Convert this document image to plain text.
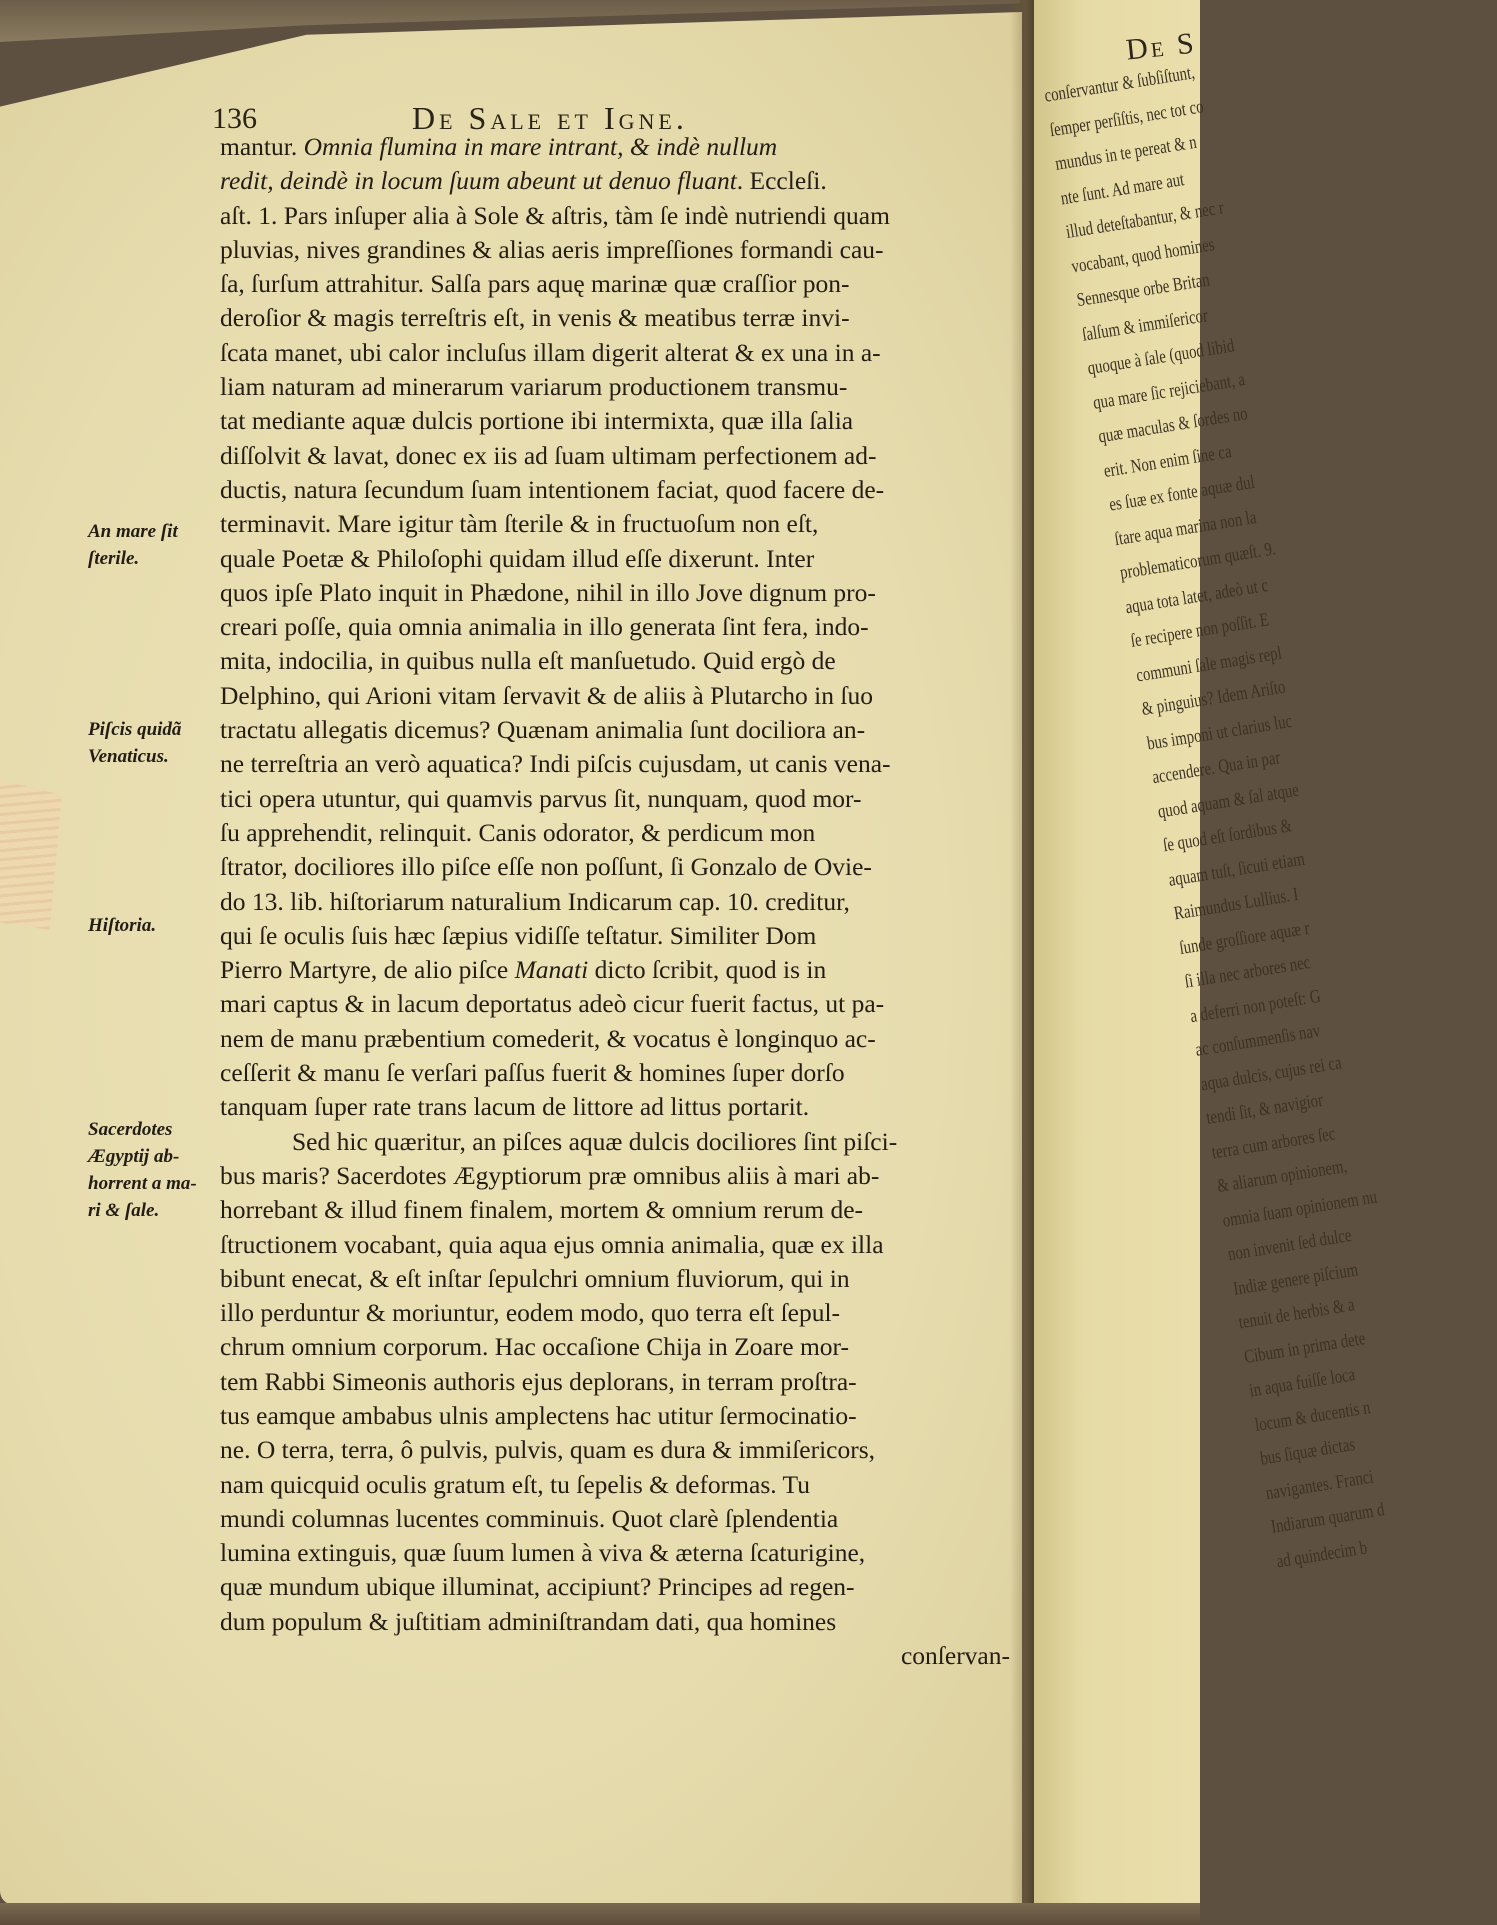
136	De Sale et Igne.
An mare ſit
ſterile.
Piſcis quidã
Venaticus.
Hiſtoria.
Sacerdotes
Ægyptij ab-
horrent a ma-
ri & ſale.
mantur. Omnia flumina in mare intrant, & indè nullum
redit, deindè in locum ſuum abeunt ut denuo fluant. Eccleſi.
aſt. 1. Pars inſuper alia à Sole & aſtris, tàm ſe indè nutriendi quam
pluvias, nives grandines & alias aeris impreſſiones formandi cau-
ſa, ſurſum attrahitur. Salſa pars aquę marinæ quæ craſſior pon-
deroſior & magis terreſtris eſt, in venis & meatibus terræ invi-
ſcata manet, ubi calor incluſus illam digerit alterat & ex una in a-
liam naturam ad minerarum variarum productionem transmu-
tat mediante aquæ dulcis portione ibi intermixta, quæ illa ſalia
diſſolvit & lavat, donec ex iis ad ſuam ultimam perfectionem ad-
ductis, natura ſecundum ſuam intentionem faciat, quod facere de-
terminavit. Mare igitur tàm ſterile & in fructuoſum non eſt,
quale Poetæ & Philoſophi quidam illud eſſe dixerunt. Inter
quos ipſe Plato inquit in Phædone, nihil in illo Jove dignum pro-
creari poſſe, quia omnia animalia in illo generata ſint fera, indo-
mita, indocilia, in quibus nulla eſt manſuetudo. Quid ergò de
Delphino, qui Arioni vitam ſervavit & de aliis à Plutarcho in ſuo
tractatu allegatis dicemus? Quænam animalia ſunt dociliora an-
ne terreſtria an verò aquatica? Indi piſcis cujusdam, ut canis vena-
tici opera utuntur, qui quamvis parvus ſit, nunquam, quod mor-
ſu apprehendit, relinquit. Canis odorator, & perdicum mon
ſtrator, dociliores illo piſce eſſe non poſſunt, ſi Gonzalo de Ovie-
do 13. lib. hiſtoriarum naturalium Indicarum cap. 10. creditur,
qui ſe oculis ſuis hæc ſæpius vidiſſe teſtatur. Similiter Dom
Pierro Martyre, de alio piſce Manati dicto ſcribit, quod is in
mari captus & in lacum deportatus adeò cicur fuerit factus, ut pa-
nem de manu præbentium comederit, & vocatus è longinquo ac-
ceſſerit & manu ſe verſari paſſus fuerit & homines ſuper dorſo
tanquam ſuper rate trans lacum de littore ad littus portarit.
Sed hic quæritur, an piſces aquæ dulcis dociliores ſint piſci-
bus maris? Sacerdotes Ægyptiorum præ omnibus aliis à mari ab-
horrebant & illud finem finalem, mortem & omnium rerum de-
ſtructionem vocabant, quia aqua ejus omnia animalia, quæ ex illa
bibunt enecat, & eſt inſtar ſepulchri omnium fluviorum, qui in
illo perduntur & moriuntur, eodem modo, quo terra eſt ſepul-
chrum omnium corporum. Hac occaſione Chija in Zoare mor-
tem Rabbi Simeonis authoris ejus deplorans, in terram proſtra-
tus eamque ambabus ulnis amplectens hac utitur ſermocinatio-
ne. O terra, terra, ô pulvis, pulvis, quam es dura & immiſericors,
nam quicquid oculis gratum eſt, tu ſepelis & deformas. Tu
mundi columnas lucentes comminuis. Quot clarè ſplendentia
lumina extinguis, quæ ſuum lumen à viva & æterna ſcaturigine,
quæ mundum ubique illuminat, accipiunt? Principes ad regen-
dum populum & juſtitiam adminiſtrandam dati, qua homines
conſervan-
De S
conſervantur & ſubſiſtunt,
ſemper perſiſtis, nec tot co
mundus in te pereat & n
nte ſunt. Ad mare aut
illud deteſtabantur, & nec r
vocabant, quod homines
Sennesque orbe Britan
ſalſum & immiſericor
quoque à ſale (quod libid
qua mare ſic rejiciebant, a
quæ maculas & ſordes no
erit. Non enim ſine ca
es ſuæ ex fonte aquæ dul
ſtare aqua marina non la
problematicorum quæſt. 9.
aqua tota latet, adeò ut c
ſe recipere non poſſit. E
communi ſale magis repl
& pinguius? Idem Ariſto
bus imponi ut clarius luc
accendere. Qua in par
quod aquam & ſal atque
ſe quod eſt ſordibus &
aquam tuſt, ſicuti etiam
Raimundus Lullius. I
ſunde groſſiore aquæ r
ſi illa nec arbores nec
a deferri non poteſt: G
ac conſummenſis nav
aqua dulcis, cujus rei ca
tendi ſit, & navigior
terra cum arbores ſec
& aliarum opinionem,
omnia ſuam opinionem nu
non invenit ſed dulce
Indiæ genere piſcium
tenuit de herbis & a
Cibum in prima dete
in aqua fuiſſe loca
locum & ducentis n
bus ſiquæ dictas
navigantes. Franci
Indiarum quarum d
ad quindecim b
